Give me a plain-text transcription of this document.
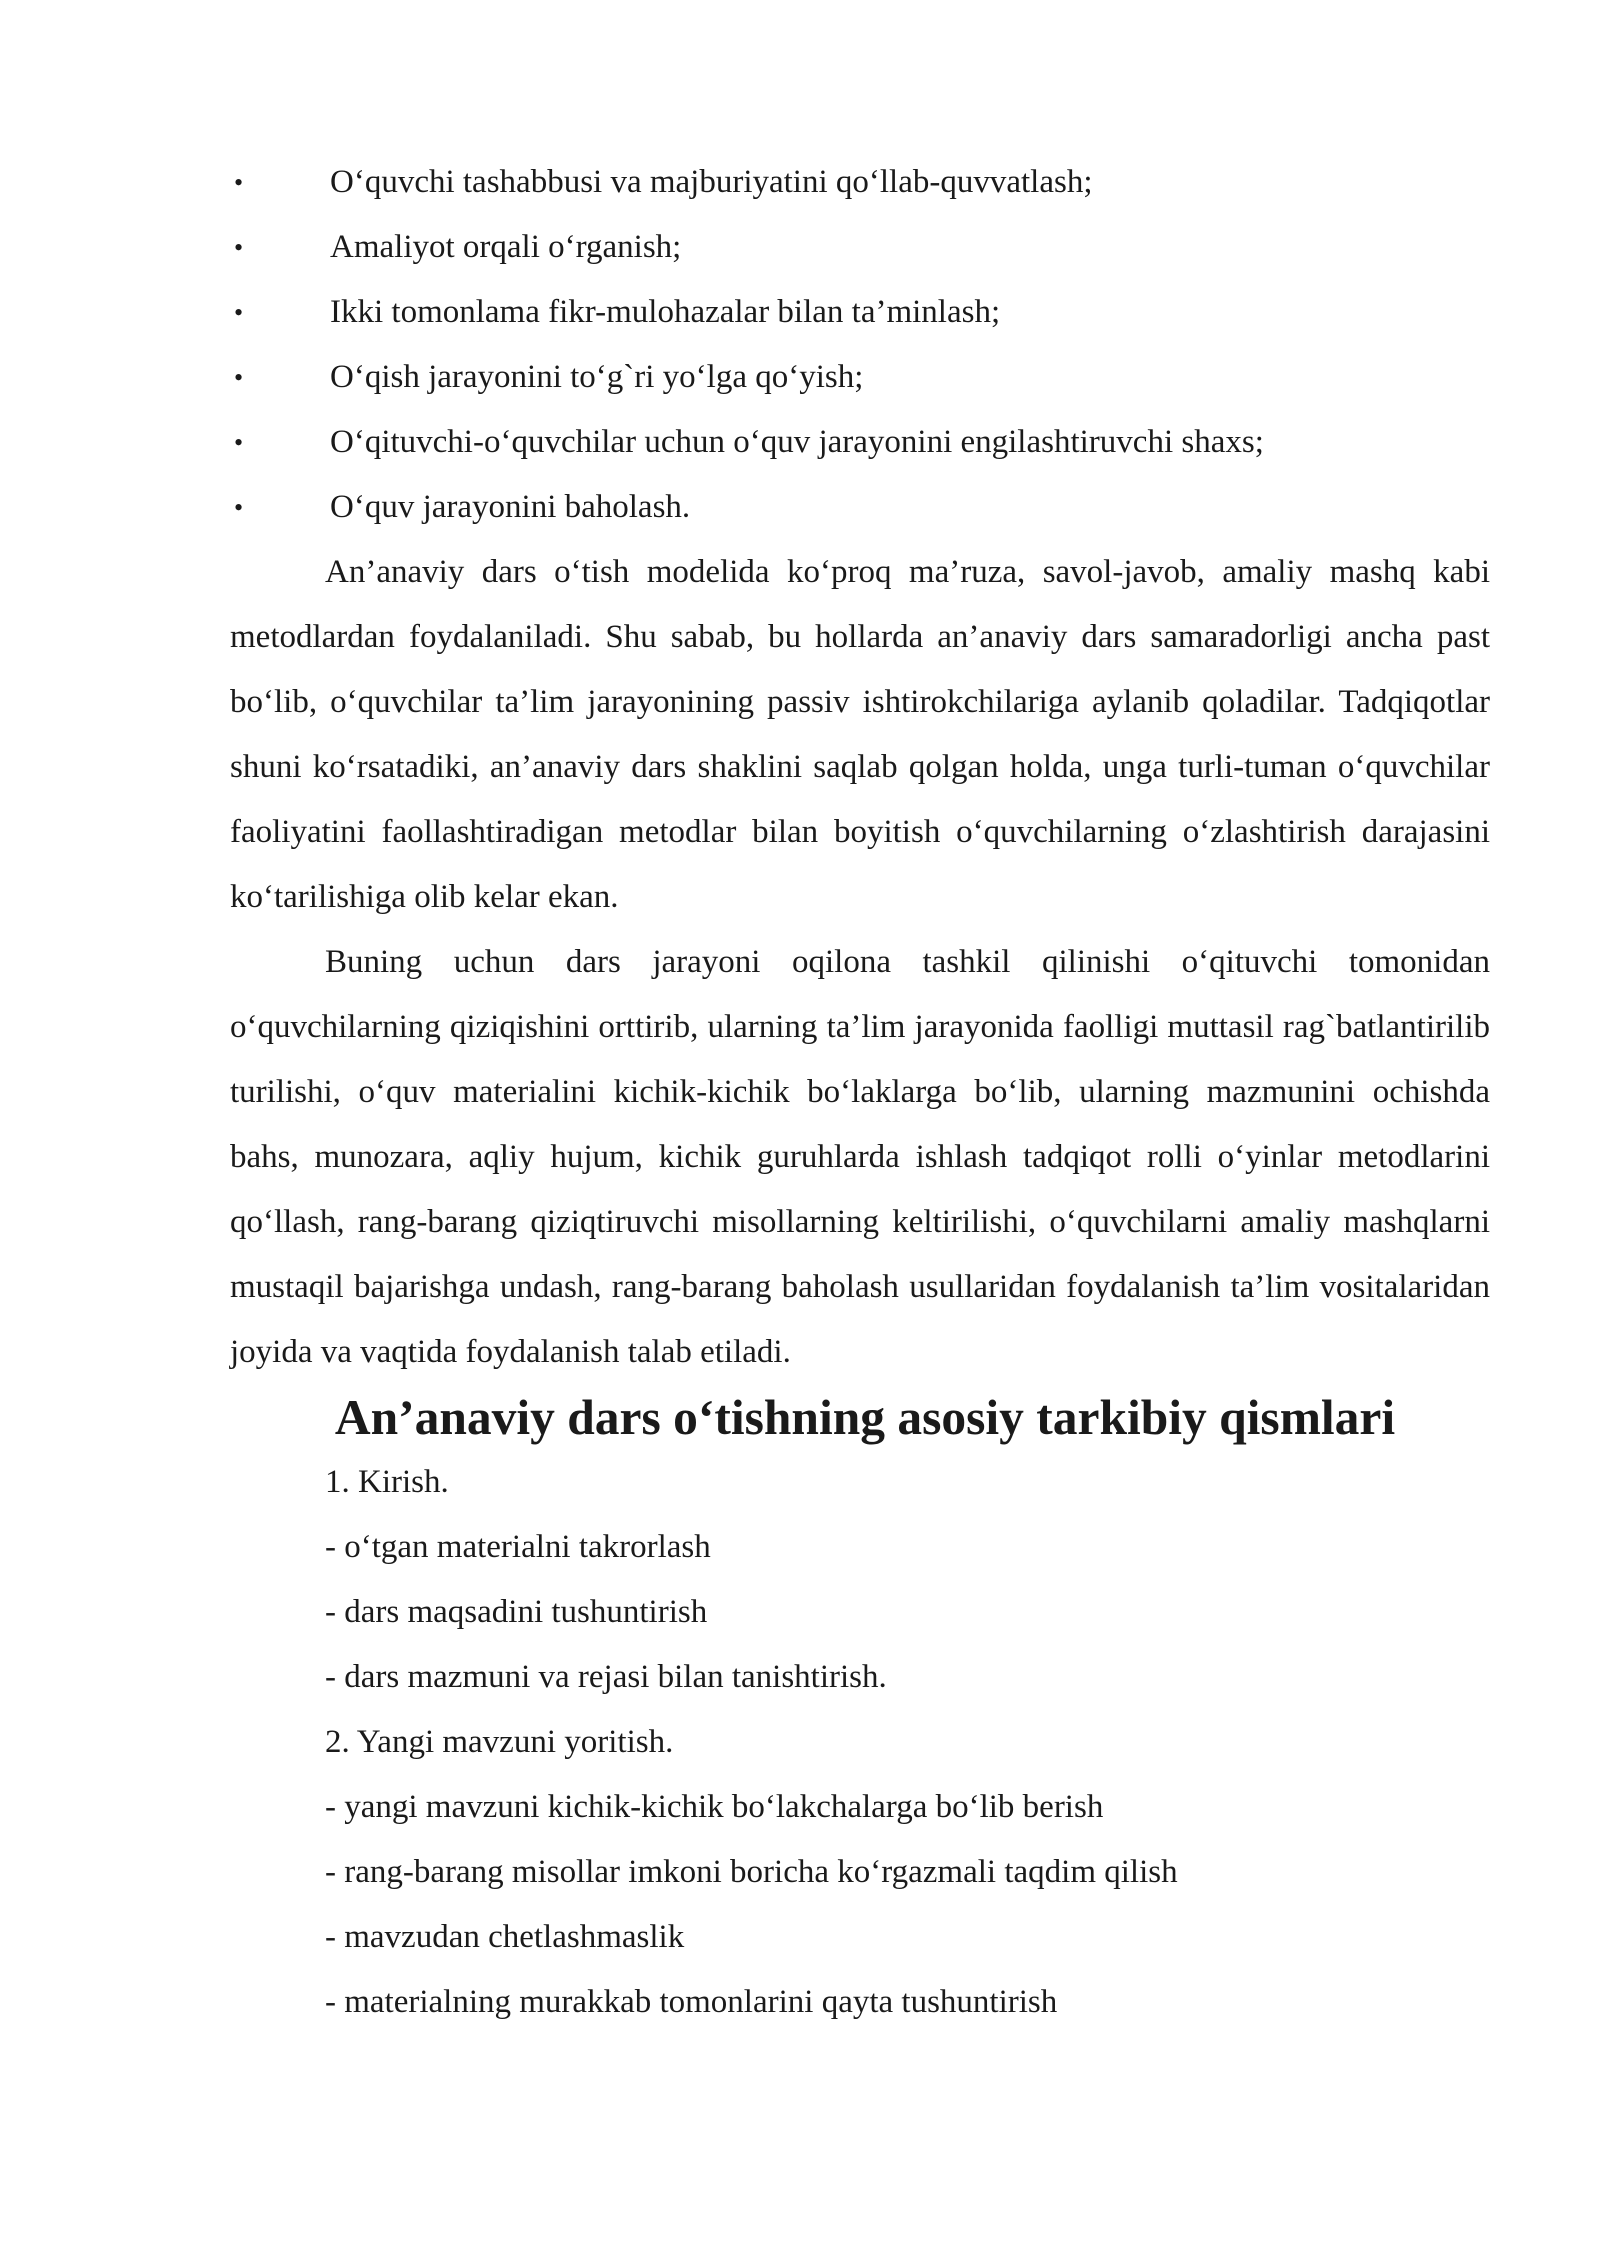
•	O‘quvchi tashabbusi va majburiyatini qo‘llab-quvvatlash;
•	Amaliyot orqali o‘rganish;
•	Ikki tomonlama fikr-mulohazalar bilan ta’minlash;
•	O‘qish jarayonini to‘g`ri yo‘lga qo‘yish;
•	O‘qituvchi-o‘quvchilar uchun o‘quv jarayonini engilashtiruvchi shaxs;
•	O‘quv jarayonini baholash.

An’anaviy dars o‘tish modelida ko‘proq ma’ruza, savol-javob, amaliy mashq kabi metodlardan foydalaniladi. Shu sabab, bu hollarda an’anaviy dars samaradorligi ancha past bo‘lib, o‘quvchilar ta’lim jarayonining passiv ishtirokchilariga aylanib qoladilar. Tadqiqotlar shuni ko‘rsatadiki, an’anaviy dars shaklini saqlab qolgan holda, unga turli-tuman o‘quvchilar faoliyatini faollashtiradigan metodlar bilan boyitish o‘quvchilarning o‘zlashtirish darajasini ko‘tarilishiga olib kelar ekan.

Buning uchun dars jarayoni oqilona tashkil qilinishi o‘qituvchi tomonidan o‘quvchilarning qiziqishini orttirib, ularning ta’lim jarayonida faolligi muttasil rag`batlantirilib turilishi, o‘quv materialini kichik-kichik bo‘laklarga bo‘lib, ularning mazmunini ochishda bahs, munozara, aqliy hujum, kichik guruhlarda ishlash tadqiqot rolli o‘yinlar metodlarini qo‘llash, rang-barang qiziqtiruvchi misollarning keltirilishi, o‘quvchilarni amaliy mashqlarni mustaqil bajarishga undash, rang-barang baholash usullaridan foydalanish ta’lim vositalaridan joyida va vaqtida foydalanish talab etiladi.

An’anaviy dars o‘tishning asosiy tarkibiy qismlari
1. Kirish.
- o‘tgan materialni takrorlash
- dars maqsadini tushuntirish
- dars mazmuni va rejasi bilan tanishtirish.
2. Yangi mavzuni yoritish.
- yangi mavzuni kichik-kichik bo‘lakchalarga bo‘lib berish
- rang-barang misollar imkoni boricha ko‘rgazmali taqdim qilish
- mavzudan chetlashmaslik
- materialning murakkab tomonlarini qayta tushuntirish
